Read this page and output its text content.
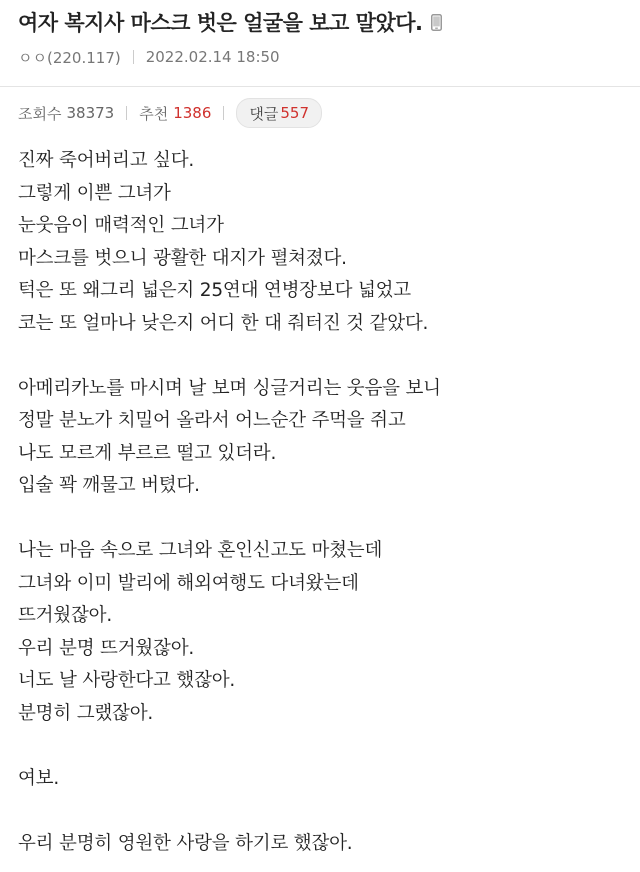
여자 복지사 마스크 벗은 얼굴을 보고 말았다.
ㅇㅇ(220.117) 2022.02.14 18:50
조회수 38373 추천 1386	댓글 557
진짜 죽어버리고 싶다.
그렇게 이쁜 그녀가
눈웃음이 매력적인 그녀가
마스크를 벗으니 광활한 대지가 펼쳐졌다.
턱은 또 왜그리 넓은지 25연대 연병장보다 넓었고
코는 또 얼마나 낮은지 어디 한 대 줘터진 것 같았다.
아메리카노를 마시며 날 보며 싱글거리는 웃음을 보니
정말 분노가 치밀어 올라서 어느순간 주먹을 쥐고
나도 모르게 부르르 떨고 있더라.
입술 꽉 깨물고 버텼다.
나는 마음 속으로 그녀와 혼인신고도 마쳤는데
그녀와 이미 발리에 해외여행도 다녀왔는데
뜨거웠잖아.
우리 분명 뜨거웠잖아.
너도 날 사랑한다고 했잖아.
분명히 그랬잖아.
여보.
우리 분명히 영원한 사랑을 하기로 했잖아.
